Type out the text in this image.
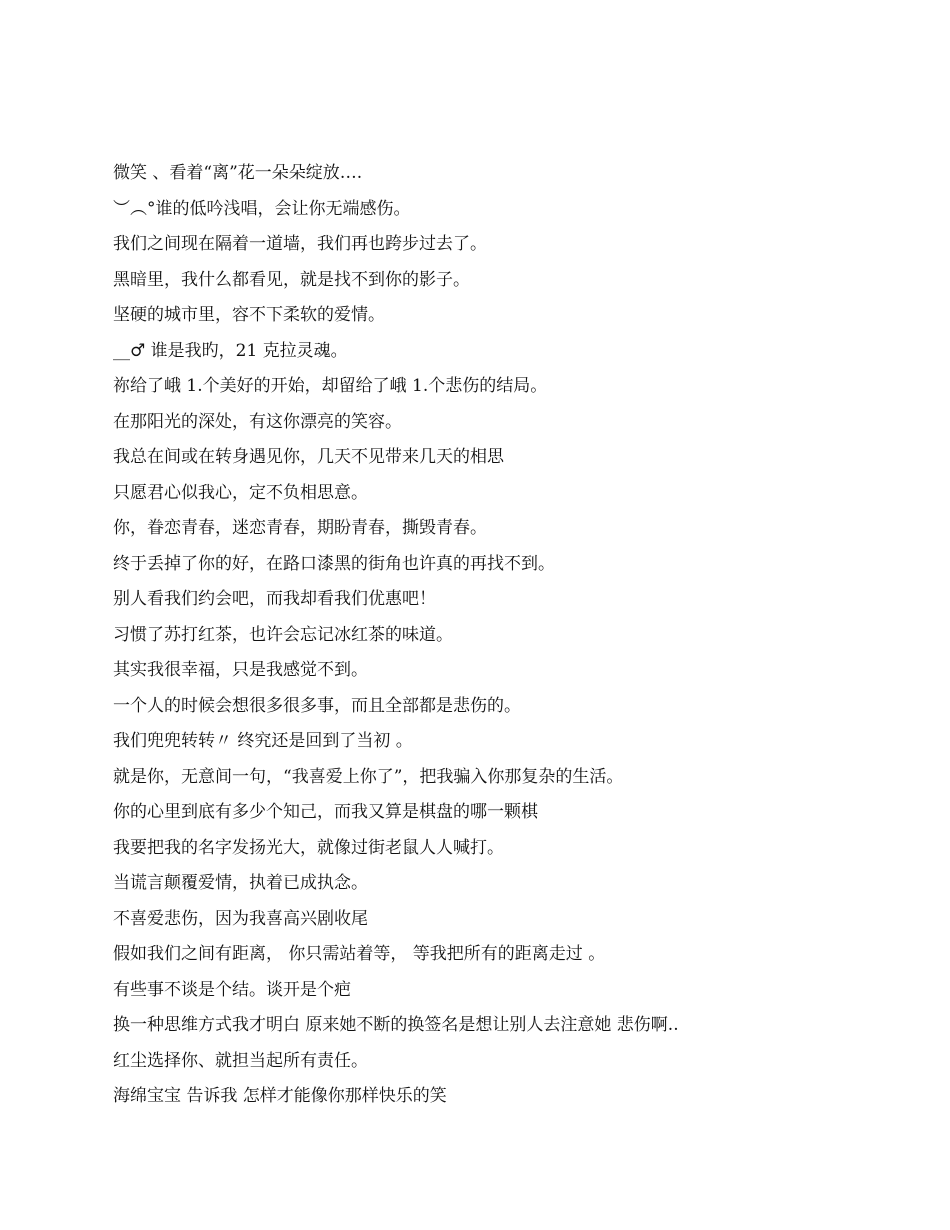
微笑 、看着“离”花一朵朵绽放….
︶︵°谁的低吟浅唱，会让你无端感伤。
我们之间现在隔着一道墙，我们再也跨步过去了。
黑暗里，我什么都看见，就是找不到你的影子。
坚硬的城市里，容不下柔软的爱情。
__♂ 谁是我旳，21 克拉灵魂。
祢给了峨 1.个美好的开始，却留给了峨 1.个悲伤的结局。
在那阳光的深处，有这你漂亮的笑容。
我总在间或在转身遇见你，几天不见带来几天的相思
只愿君心似我心，定不负相思意。
你，眷恋青春，迷恋青春，期盼青春，撕毁青春。
终于丢掉了你的好，在路口漆黑的街角也许真的再找不到。
别人看我们约会吧，而我却看我们优惠吧！
习惯了苏打红茶，也许会忘记冰红茶的味道。
其实我很幸福，只是我感觉不到。
一个人的时候会想很多很多事，而且全部都是悲伤的。
我们兜兜转转〃 终究还是回到了当初 。
就是你，无意间一句，“我喜爱上你了”，把我骗入你那复杂的生活。
你的心里到底有多少个知己，而我又算是棋盘的哪一颗棋
我要把我的名字发扬光大，就像过街老鼠人人喊打。
当谎言颠覆爱情，执着已成执念。
不喜爱悲伤，因为我喜高兴剧收尾
假如我们之间有距离， 你只需站着等， 等我把所有的距离走过 。
有些事不谈是个结。谈开是个疤
换一种思维方式我才明白 原来她不断的换签名是想让别人去注意她 悲伤啊..
红尘选择你、就担当起所有责任。
海绵宝宝 告诉我 怎样才能像你那样快乐的笑
